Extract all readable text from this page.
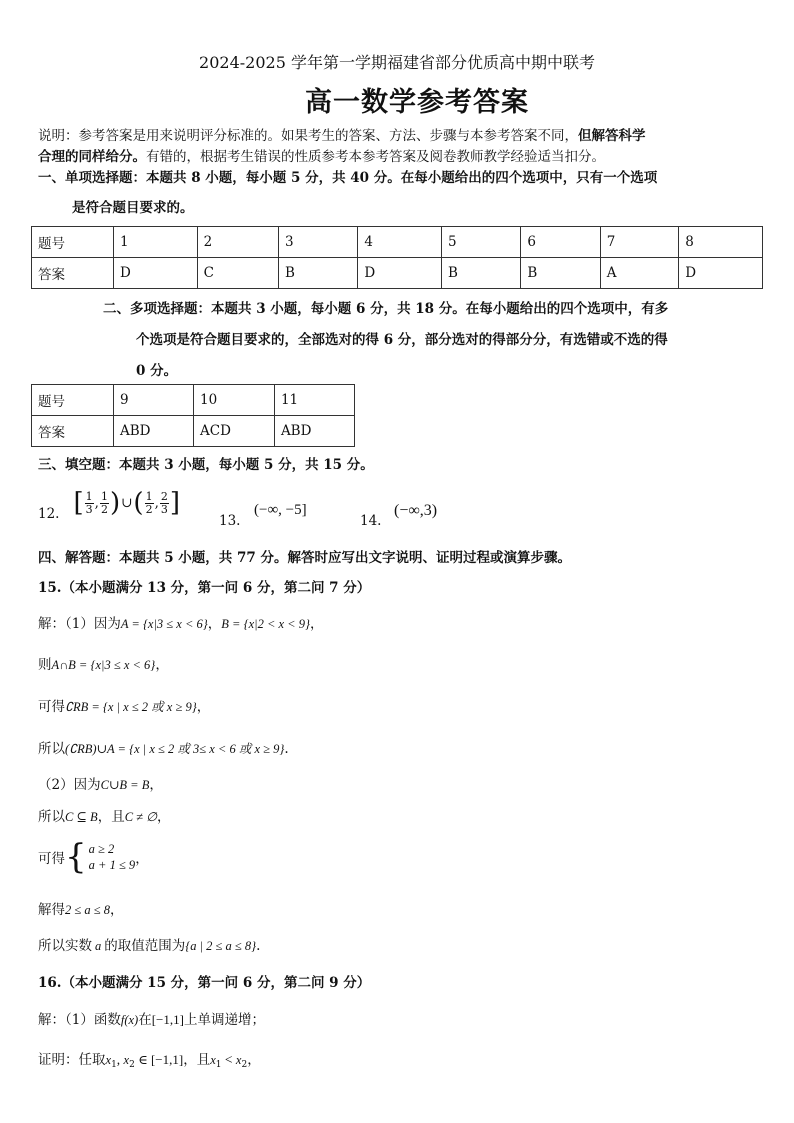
2024-2025 学年第一学期福建省部分优质高中期中联考
高一数学参考答案
说明：参考答案是用来说明评分标准的。如果考生的答案、方法、步骤与本参考答案不同，但解答科学
合理的同样给分。有错的，根据考生错误的性质参考本参考答案及阅卷教师教学经验适当扣分。
一、单项选择题：本题共 8 小题，每小题 5 分，共 40 分。在每小题给出的四个选项中，只有一个选项
是符合题目要求的。
题号	1	2	3	4	5	6	7	8
答案	D	C	B	D	B	B	A	D
二、多项选择题：本题共 3 小题，每小题 6 分，共 18 分。在每小题给出的四个选项中，有多
个选项是符合题目要求的，全部选对的得 6 分，部分选对的得部分分，有选错或不选的得
0 分。
题号	9	10	11
答案	ABD	ACD	ABD
三、填空题：本题共 3 小题，每小题 5 分，共 15 分。
12. [ $\frac{1}{3}$ , $\frac{1}{2}$ ) ∪ ( $\frac{1}{2}$ , $\frac{2}{3}$ ]
13.
(−∞, −5]
14.
(−∞,3)
四、解答题：本题共 5 小题，共 77 分。解答时应写出文字说明、证明过程或演算步骤。
15.（本小题满分 13 分，第一问 6 分，第二问 7 分）
解：（1）因为A = {x|3 ≤ x < 6}，B = {x|2 < x < 9}，
则A∩B = {x|3 ≤ x < 6}，
可得∁RB = {x | x ≤ 2 或 x ≥ 9}，
所以(∁RB)∪A = {x | x ≤ 2 或 3≤ x < 6 或 x ≥ 9}.
（2）因为C∪B = B，
所以C ⊆ B，且C ≠ ∅，
可得 { a ≥ 2
a + 1 ≤ 9 ，
解得2 ≤ a ≤ 8，
所以实数 a 的取值范围为{a | 2 ≤ a ≤ 8}.
16.（本小题满分 15 分，第一问 6 分，第二问 9 分）
解：（1）函数f(x)在[−1,1]上单调递增；
证明：任取$x_1$, $x_2$ ∈ [−1,1]，且$x_1 < x_2$，
